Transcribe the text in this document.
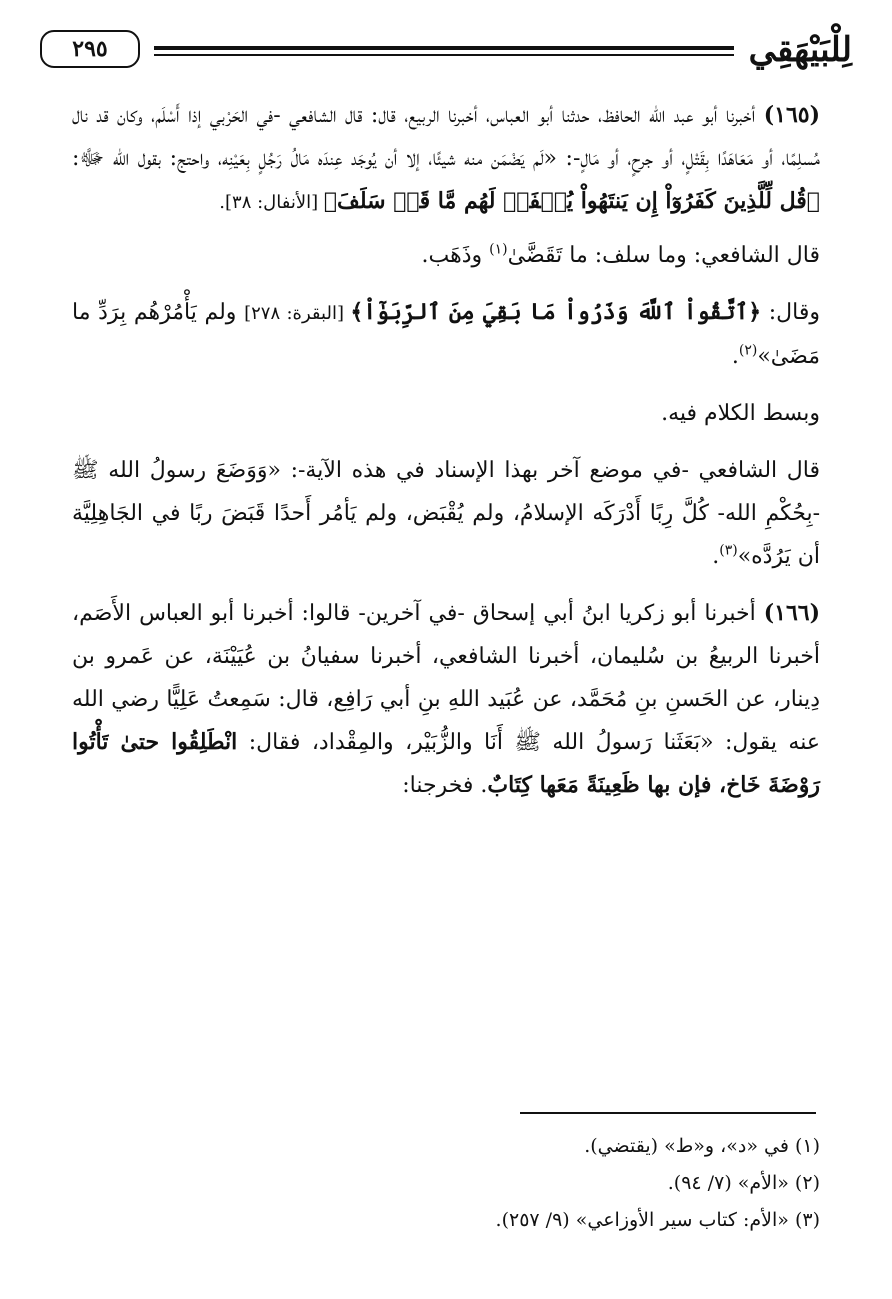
لِلْبَيْهَقِي
٢٩٥

(١٦٥) أخبرنا أبو عبد الله الحافظ، حدثنا أبو العباس، أخبرنا الربيع، قال: قال الشافعي -في الحَرْبي إذا أَسْلَم، وكان قد نال مُسلِمًا، أو مَعَاهَدًا بِقَتْلٍ، أو جرحٍ، أو مَالٍ-: «لَم يَضْمَن منه شيئًا، إلا أن يُوجَد عِندَه مَالُ رَجُلٍ بِعَيْنِه، واحتج: بقول الله ﷻ: ﴿قُل لِّلَّذِينَ كَفَرُوٓاْ إِن يَنتَهُواْ يُغۡفَرۡ لَهُم مَّا قَدۡ سَلَفَ﴾ [الأنفال: ٣٨].

قال الشافعي: وما سلف: ما تَقَضَّىٰ$^{(١)}$ وذَهَب.

وقال: ﴿ٱتَّقُواْ ٱللَّهَ وَذَرُواْ مَا بَقِيَ مِنَ ٱلرِّبَوٰٓاْ﴾ [البقرة: ٢٧٨] ولم يَأْمُرْهُم بِرَدِّ ما مَضَىٰ»$^{(٢)}$.

وبسط الكلام فيه.

قال الشافعي -في موضع آخر بهذا الإسناد في هذه الآية-: «وَوَضَعَ رسولُ الله ﷺ -بِحُكْمِ الله- كُلَّ رِبًا أَدْرَكَه الإسلامُ، ولم يُقْبَض، ولم يَأمُر أَحدًا قَبَضَ ربًا في الجَاهِلِيَّة أن يَرُدَّه»$^{(٣)}$.

(١٦٦) أخبرنا أبو زكريا ابنُ أبي إسحاق -في آخرين- قالوا: أخبرنا أبو العباس الأَصَم، أخبرنا الربيعُ بن سُليمان، أخبرنا الشافعي، أخبرنا سفيانُ بن عُيَيْنَة، عن عَمرو بن دِينار، عن الحَسنِ بنِ مُحَمَّد، عن عُبَيد اللهِ بنِ أبي رَافِع، قال: سَمِعتُ عَلِيًّا رضي الله عنه يقول: «بَعَثَنا رَسولُ الله ﷺ أَنَا والزُّبَيْر، والمِقْداد، فقال: انْطَلِقُوا حتىٰ تَأْتُوا رَوْضَةَ خَاخ، فإن بها ظَعِينَةً مَعَها كِتَابٌ. فخرجنا:

(١) في «د»، و«ط» (يقتضي).

(٢) «الأم» (٧/ ٩٤).

(٣) «الأم: كتاب سير الأوزاعي» (٩/ ٢٥٧).
